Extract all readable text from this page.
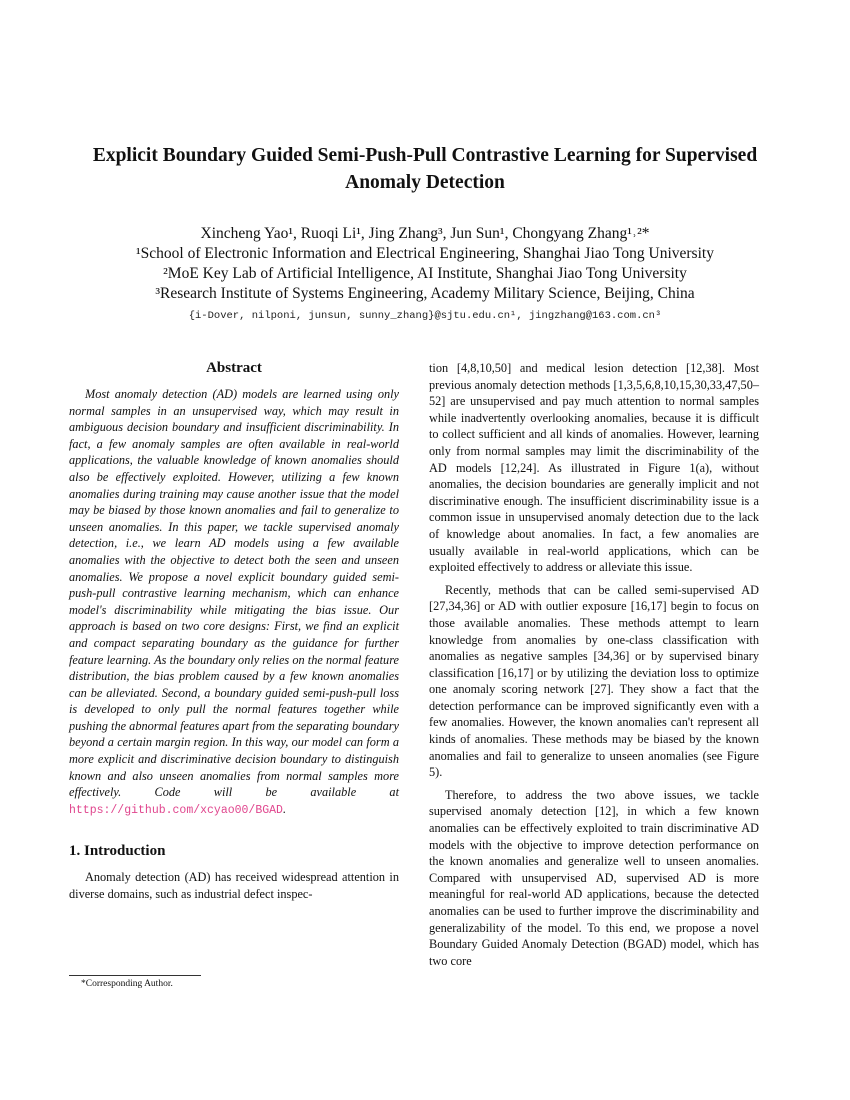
Explicit Boundary Guided Semi-Push-Pull Contrastive Learning for Supervised Anomaly Detection
Xincheng Yao¹, Ruoqi Li¹, Jing Zhang³, Jun Sun¹, Chongyang Zhang¹˒²*
¹School of Electronic Information and Electrical Engineering, Shanghai Jiao Tong University
²MoE Key Lab of Artificial Intelligence, AI Institute, Shanghai Jiao Tong University
³Research Institute of Systems Engineering, Academy Military Science, Beijing, China
{i-Dover, nilponi, junsun, sunny_zhang}@sjtu.edu.cn¹, jingzhang@163.com.cn³
Abstract

Most anomaly detection (AD) models are learned using only normal samples in an unsupervised way, which may result in ambiguous decision boundary and insufficient discriminability. In fact, a few anomaly samples are often available in real-world applications, the valuable knowledge of known anomalies should also be effectively exploited. However, utilizing a few known anomalies during training may cause another issue that the model may be biased by those known anomalies and fail to generalize to unseen anomalies. In this paper, we tackle supervised anomaly detection, i.e., we learn AD models using a few available anomalies with the objective to detect both the seen and unseen anomalies. We propose a novel explicit boundary guided semi-push-pull contrastive learning mechanism, which can enhance model's discriminability while mitigating the bias issue. Our approach is based on two core designs: First, we find an explicit and compact separating boundary as the guidance for further feature learning. As the boundary only relies on the normal feature distribution, the bias problem caused by a few known anomalies can be alleviated. Second, a boundary guided semi-push-pull loss is developed to only pull the normal features together while pushing the abnormal features apart from the separating boundary beyond a certain margin region. In this way, our model can form a more explicit and discriminative decision boundary to distinguish known and also unseen anomalies from normal samples more effectively. Code will be available at https://github.com/xcyao00/BGAD.

1. Introduction

Anomaly detection (AD) has received widespread attention in diverse domains, such as industrial defect inspec-

*Corresponding Author.

tion [4,8,10,50] and medical lesion detection [12,38]. Most previous anomaly detection methods [1,3,5,6,8,10,15,30,33,47,50–52] are unsupervised and pay much attention to normal samples while inadvertently overlooking anomalies, because it is difficult to collect sufficient and all kinds of anomalies. However, learning only from normal samples may limit the discriminability of the AD models [12,24]. As illustrated in Figure 1(a), without anomalies, the decision boundaries are generally implicit and not discriminative enough. The insufficient discriminability issue is a common issue in unsupervised anomaly detection due to the lack of knowledge about anomalies. In fact, a few anomalies are usually available in real-world applications, which can be exploited effectively to address or alleviate this issue.

Recently, methods that can be called semi-supervised AD [27,34,36] or AD with outlier exposure [16,17] begin to focus on those available anomalies. These methods attempt to learn knowledge from anomalies by one-class classification with anomalies as negative samples [34,36] or by supervised binary classification [16,17] or by utilizing the deviation loss to optimize one anomaly scoring network [27]. They show a fact that the detection performance can be improved significantly even with a few anomalies. However, the known anomalies can't represent all kinds of anomalies. These methods may be biased by the known anomalies and fail to generalize to unseen anomalies (see Figure 5).

Therefore, to address the two above issues, we tackle supervised anomaly detection [12], in which a few known anomalies can be effectively exploited to train discriminative AD models with the objective to improve detection performance on the known anomalies and generalize well to unseen anomalies. Compared with unsupervised AD, supervised AD is more meaningful for real-world AD applications, because the detected anomalies can be used to further improve the discriminability and generalizability of the model. To this end, we propose a novel Boundary Guided Anomaly Detection (BGAD) model, which has two core
